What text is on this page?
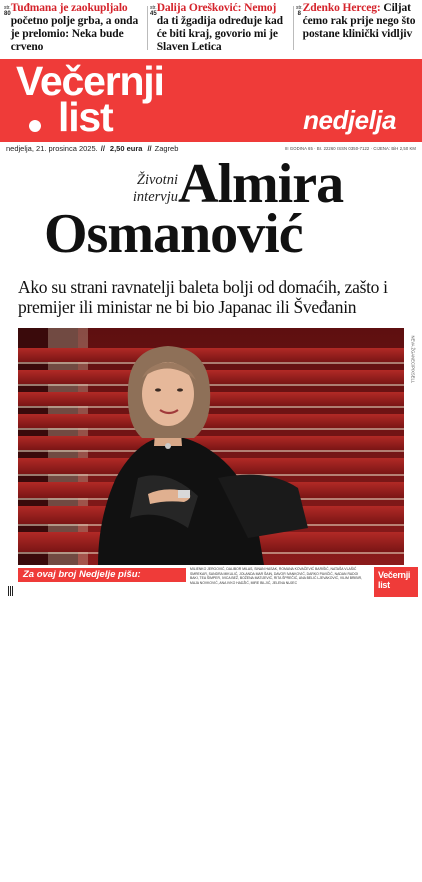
str.
80 Tuđmana je zaokupljalo početno polje grba, a onda je prelomio: Neka bude crveno
str.
45 Dalija Orešković: Nemoj da ti žgadija određuje kad će biti kraj, govorio mi je Slaven Letica
str.
8 Zdenko Herceg: Ciljat ćemo rak prije nego što postane klinički vidljiv
Večernji
list	nedjelja
nedjelja, 21. prosinca 2025. // 2,50 eura // Zagreb	III GODINA 65 · Br. 22260 ISSN 0350-7122 · CIJENA: BiH 2,50 KM
Životni intervju Almira
Osmanović
Ako su strani ravnatelji baleta bolji od domaćih, zašto i premijer ili ministar ne bi bio Japanac ili Šveđanin
BALET JE DIO NACIONALNOG IDENTITETA, NE MOŽE SE DUGOROČNO RAZVIJATI AKO GA VODE LJUDI KOJI TAJ IDENTITET NE POZNAJU IZNUTRA. STRANI RAVNATELJI DONOSE SVOJE ESTETIKE I SUSTAVE, TO JE POGREŠNA KULTURNA POLITIKA
NEVA ŽGANEC/PIXSELL
Za ovaj broj Nedjelje pišu:	MILIENKO JERGOVIĆ, DALIBOR MILAS, SINAN HASAK, ROMANA KOVAČEVIĆ BARIŠIĆ, NATAŠA VLAŠIĆ SMREKAR, SANDRA MIKULIĆ, JOLANDA MAR ŠAIN, DAVOR IVANKOVIĆ, DARKO PAVIČIĆ, NADAN RADOI BAKI, TEA ŠIMPER, IVICA BEŽ, BOŽENA MATIJEVIĆ, RITA ŠPREČIĆ, ANA BELIĆ LJEVAKOVIĆ, VILIM BRIBIR, MAJA NOVKOVIĆ, ANA IVKO HADŽIĆ, MIRE BILJIĆ, JELENA NUJEC
Večernji
list
